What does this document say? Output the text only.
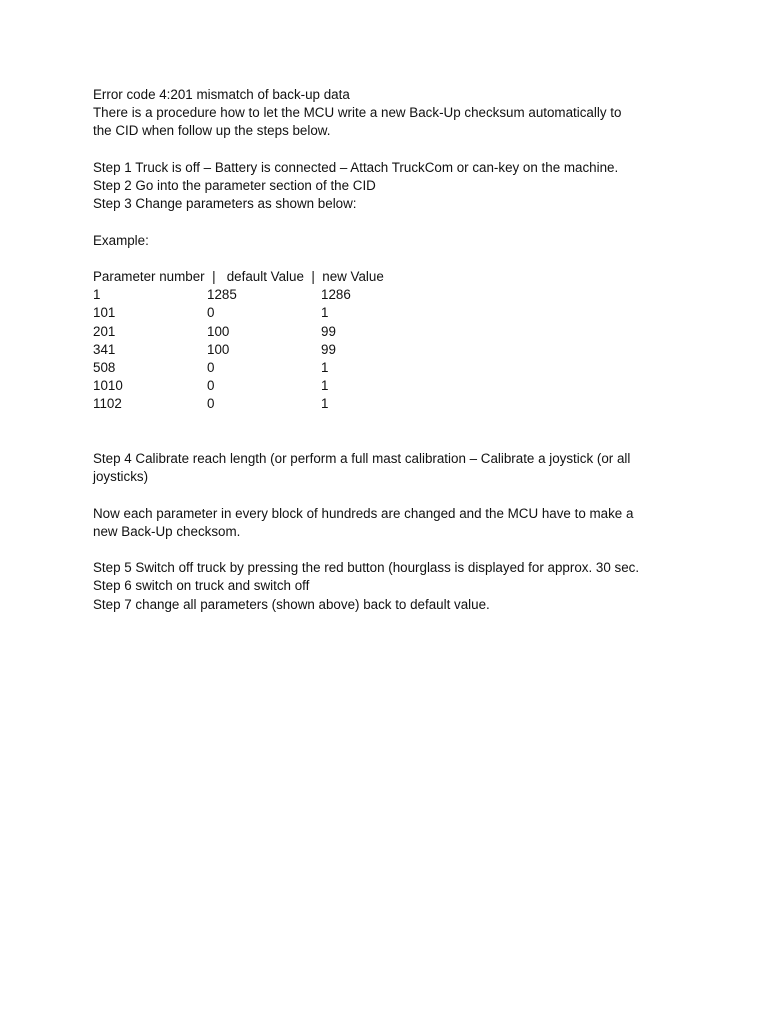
Error code 4:201 mismatch of back-up data
There is a procedure how to let the MCU write a new Back-Up checksum automatically to
the CID when follow up the steps below.
Step 1 Truck is off – Battery is connected – Attach TruckCom or can-key on the machine.
Step 2 Go into the parameter section of the CID
Step 3 Change parameters as shown below:
Example:
Parameter number  |   default Value  |  new Value
1	1285	1286
101	0	1
201	100	99
341	100	99
508	0	1
1010	0	1
1102	0	1
Step 4 Calibrate reach length (or perform a full mast calibration – Calibrate a joystick (or all
joysticks)
Now each parameter in every block of hundreds are changed and the MCU have to make a
new Back-Up checksom.
Step 5 Switch off truck by pressing the red button (hourglass is displayed for approx. 30 sec.
Step 6 switch on truck and switch off
Step 7 change all parameters (shown above) back to default value.
